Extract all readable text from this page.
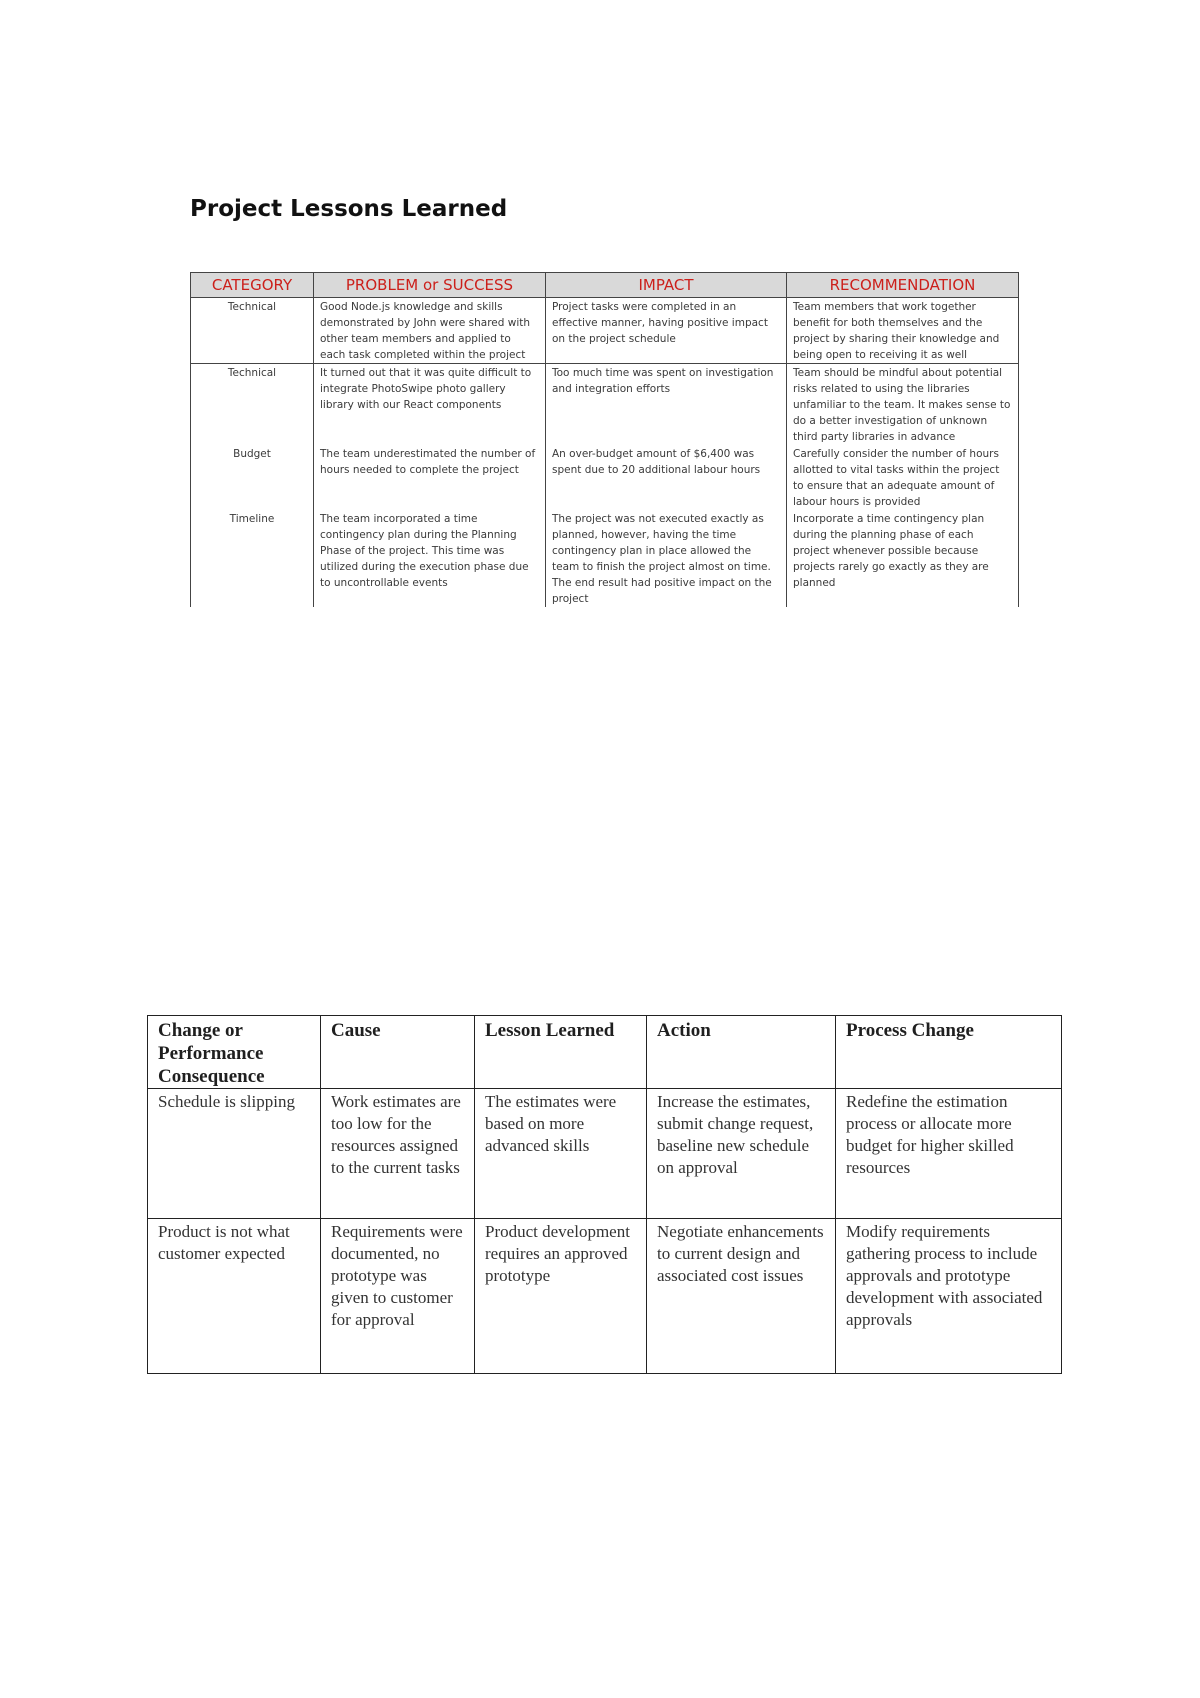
Project Lessons Learned
CATEGORY	PROBLEM or SUCCESS	IMPACT	RECOMMENDATION
Technical	Good Node.js knowledge and skills demonstrated by John were shared with other team members and applied to each task completed within the project	Project tasks were completed in an effective manner, having positive impact on the project schedule	Team members that work together benefit for both themselves and the project by sharing their knowledge and being open to receiving it as well
Technical	It turned out that it was quite difficult to integrate PhotoSwipe photo gallery library with our React components	Too much time was spent on investigation and integration efforts	Team should be mindful about potential risks related to using the libraries unfamiliar to the team. It makes sense to do a better investigation of unknown third party libraries in advance
Budget	The team underestimated the number of hours needed to complete the project	An over-budget amount of $6,400 was spent due to 20 additional labour hours	Carefully consider the number of hours allotted to vital tasks within the project to ensure that an adequate amount of labour hours is provided
Timeline	The team incorporated a time contingency plan during the Planning Phase of the project. This time was utilized during the execution phase due to uncontrollable events	The project was not executed exactly as planned, however, having the time contingency plan in place allowed the team to finish the project almost on time. The end result had positive impact on the project	Incorporate a time contingency plan during the planning phase of each project whenever possible because projects rarely go exactly as they are planned
Change or Performance Consequence	Cause	Lesson Learned	Action	Process Change
Schedule is slipping	Work estimates are too low for the resources assigned to the current tasks	The estimates were based on more advanced skills	Increase the estimates, submit change request, baseline new schedule on approval	Redefine the estimation process or allocate more budget for higher skilled resources
Product is not what customer expected	Requirements were documented, no prototype was given to customer for approval	Product development requires an approved prototype	Negotiate enhancements to current design and associated cost issues	Modify requirements gathering process to include approvals and prototype development with associated approvals
